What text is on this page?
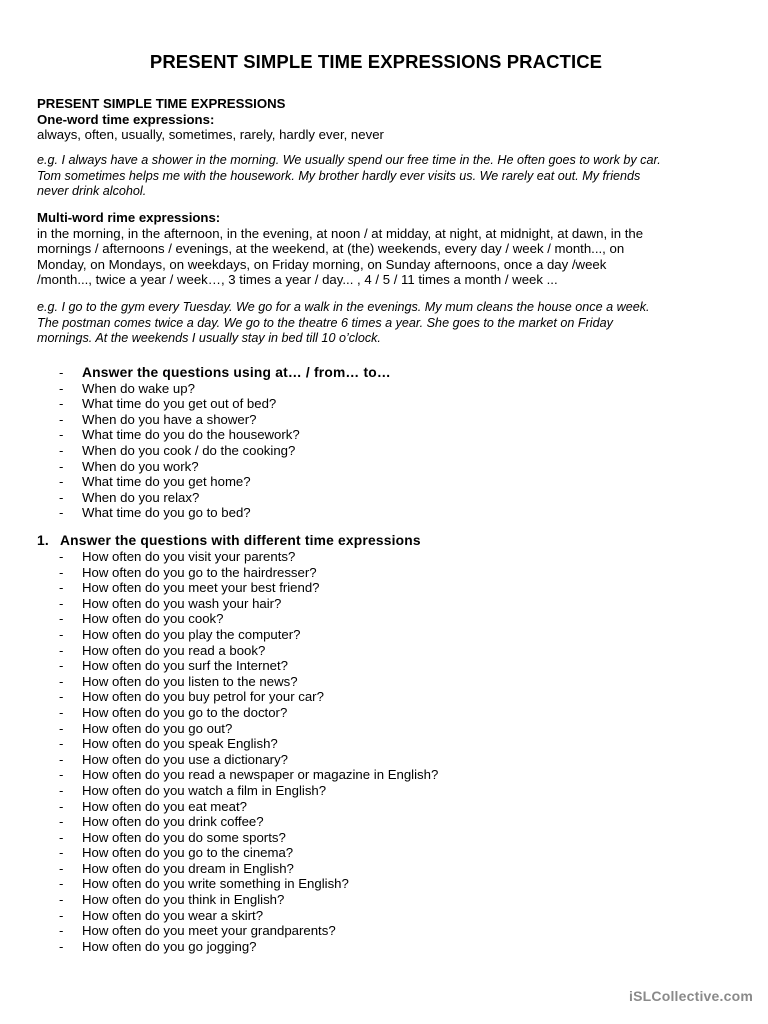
PRESENT SIMPLE TIME EXPRESSIONS PRACTICE
PRESENT SIMPLE TIME EXPRESSIONS
One-word time expressions:
always, often, usually, sometimes, rarely, hardly ever, never
e.g. I always have a shower in the morning. We usually spend our free time in the. He often goes to work by car.
Tom sometimes helps me with the housework. My brother hardly ever visits us. We rarely eat out. My friends
never drink alcohol.
Multi-word rime expressions:
in the morning, in the afternoon, in the evening, at noon / at midday, at night, at midnight, at dawn, in the
mornings / afternoons / evenings, at the weekend, at (the) weekends, every day / week / month..., on
Monday, on Mondays, on weekdays, on Friday morning, on Sunday afternoons, once a day /week
/month..., twice a year / week…, 3 times a year / day... , 4 / 5 / 11 times a month / week ...
e.g. I go to the gym every Tuesday. We go for a walk in the evenings. My mum cleans the house once a week.
The postman comes twice a day. We go to the theatre 6 times a year. She goes to the market on Friday
mornings. At the weekends I usually stay in bed till 10 o’clock.
- Answer the questions using at… / from… to…
- When do wake up?
- What time do you get out of bed?
- When do you have a shower?
- What time do you do the housework?
- When do you cook / do the cooking?
- When do you work?
- What time do you get home?
- When do you relax?
- What time do you go to bed?
1. Answer the questions with different time expressions
- How often do you visit your parents?
- How often do you go to the hairdresser?
- How often do you meet your best friend?
- How often do you wash your hair?
- How often do you cook?
- How often do you play the computer?
- How often do you read a book?
- How often do you surf the Internet?
- How often do you listen to the news?
- How often do you buy petrol for your car?
- How often do you go to the doctor?
- How often do you go out?
- How often do you speak English?
- How often do you use a dictionary?
- How often do you read a newspaper or magazine in English?
- How often do you watch a film in English?
- How often do you eat meat?
- How often do you drink coffee?
- How often do you do some sports?
- How often do you go to the cinema?
- How often do you dream in English?
- How often do you write something in English?
- How often do you think in English?
- How often do you wear a skirt?
- How often do you meet your grandparents?
- How often do you go jogging?
iSLCollective.com
